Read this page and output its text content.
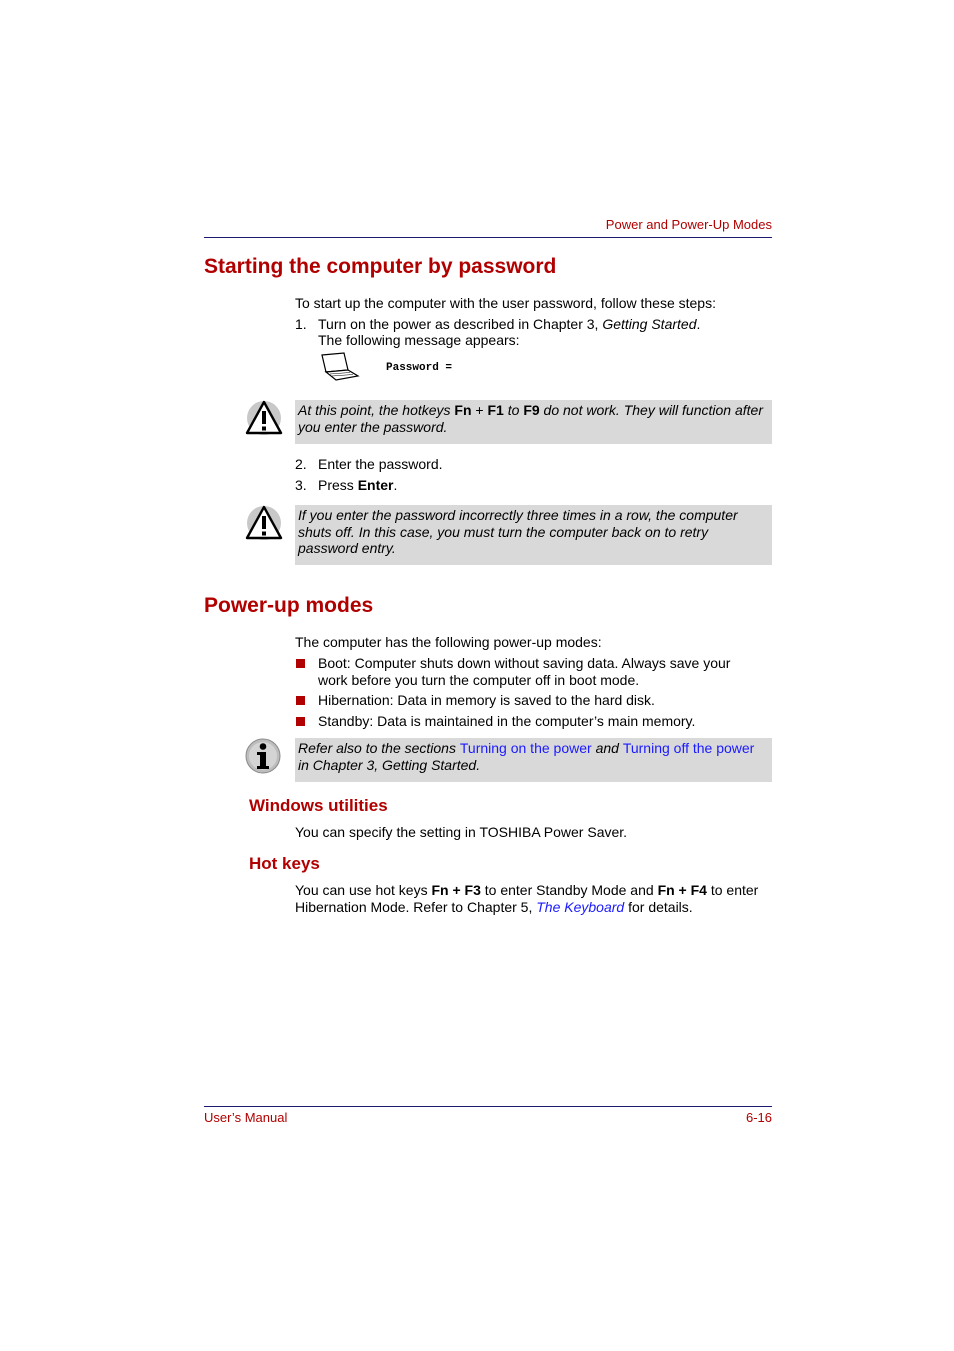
Power and Power-Up Modes
Starting the computer by password
To start up the computer with the user password, follow these steps:
1. Turn on the power as described in Chapter 3, Getting Started.
The following message appears:
Password =
At this point, the hotkeys Fn + F1 to F9 do not work. They will function after
you enter the password.
2. Enter the password.
3. Press Enter.
If you enter the password incorrectly three times in a row, the computer
shuts off. In this case, you must turn the computer back on to retry
password entry.
Power-up modes
The computer has the following power-up modes:
Boot: Computer shuts down without saving data. Always save your
work before you turn the computer off in boot mode.
Hibernation: Data in memory is saved to the hard disk.
Standby: Data is maintained in the computer’s main memory.
Refer also to the sections Turning on the power and Turning off the power
in Chapter 3, Getting Started.
Windows utilities
You can specify the setting in TOSHIBA Power Saver.
Hot keys
You can use hot keys Fn + F3 to enter Standby Mode and Fn + F4 to enter
Hibernation Mode. Refer to Chapter 5, The Keyboard for details.
User’s Manual	6-16
